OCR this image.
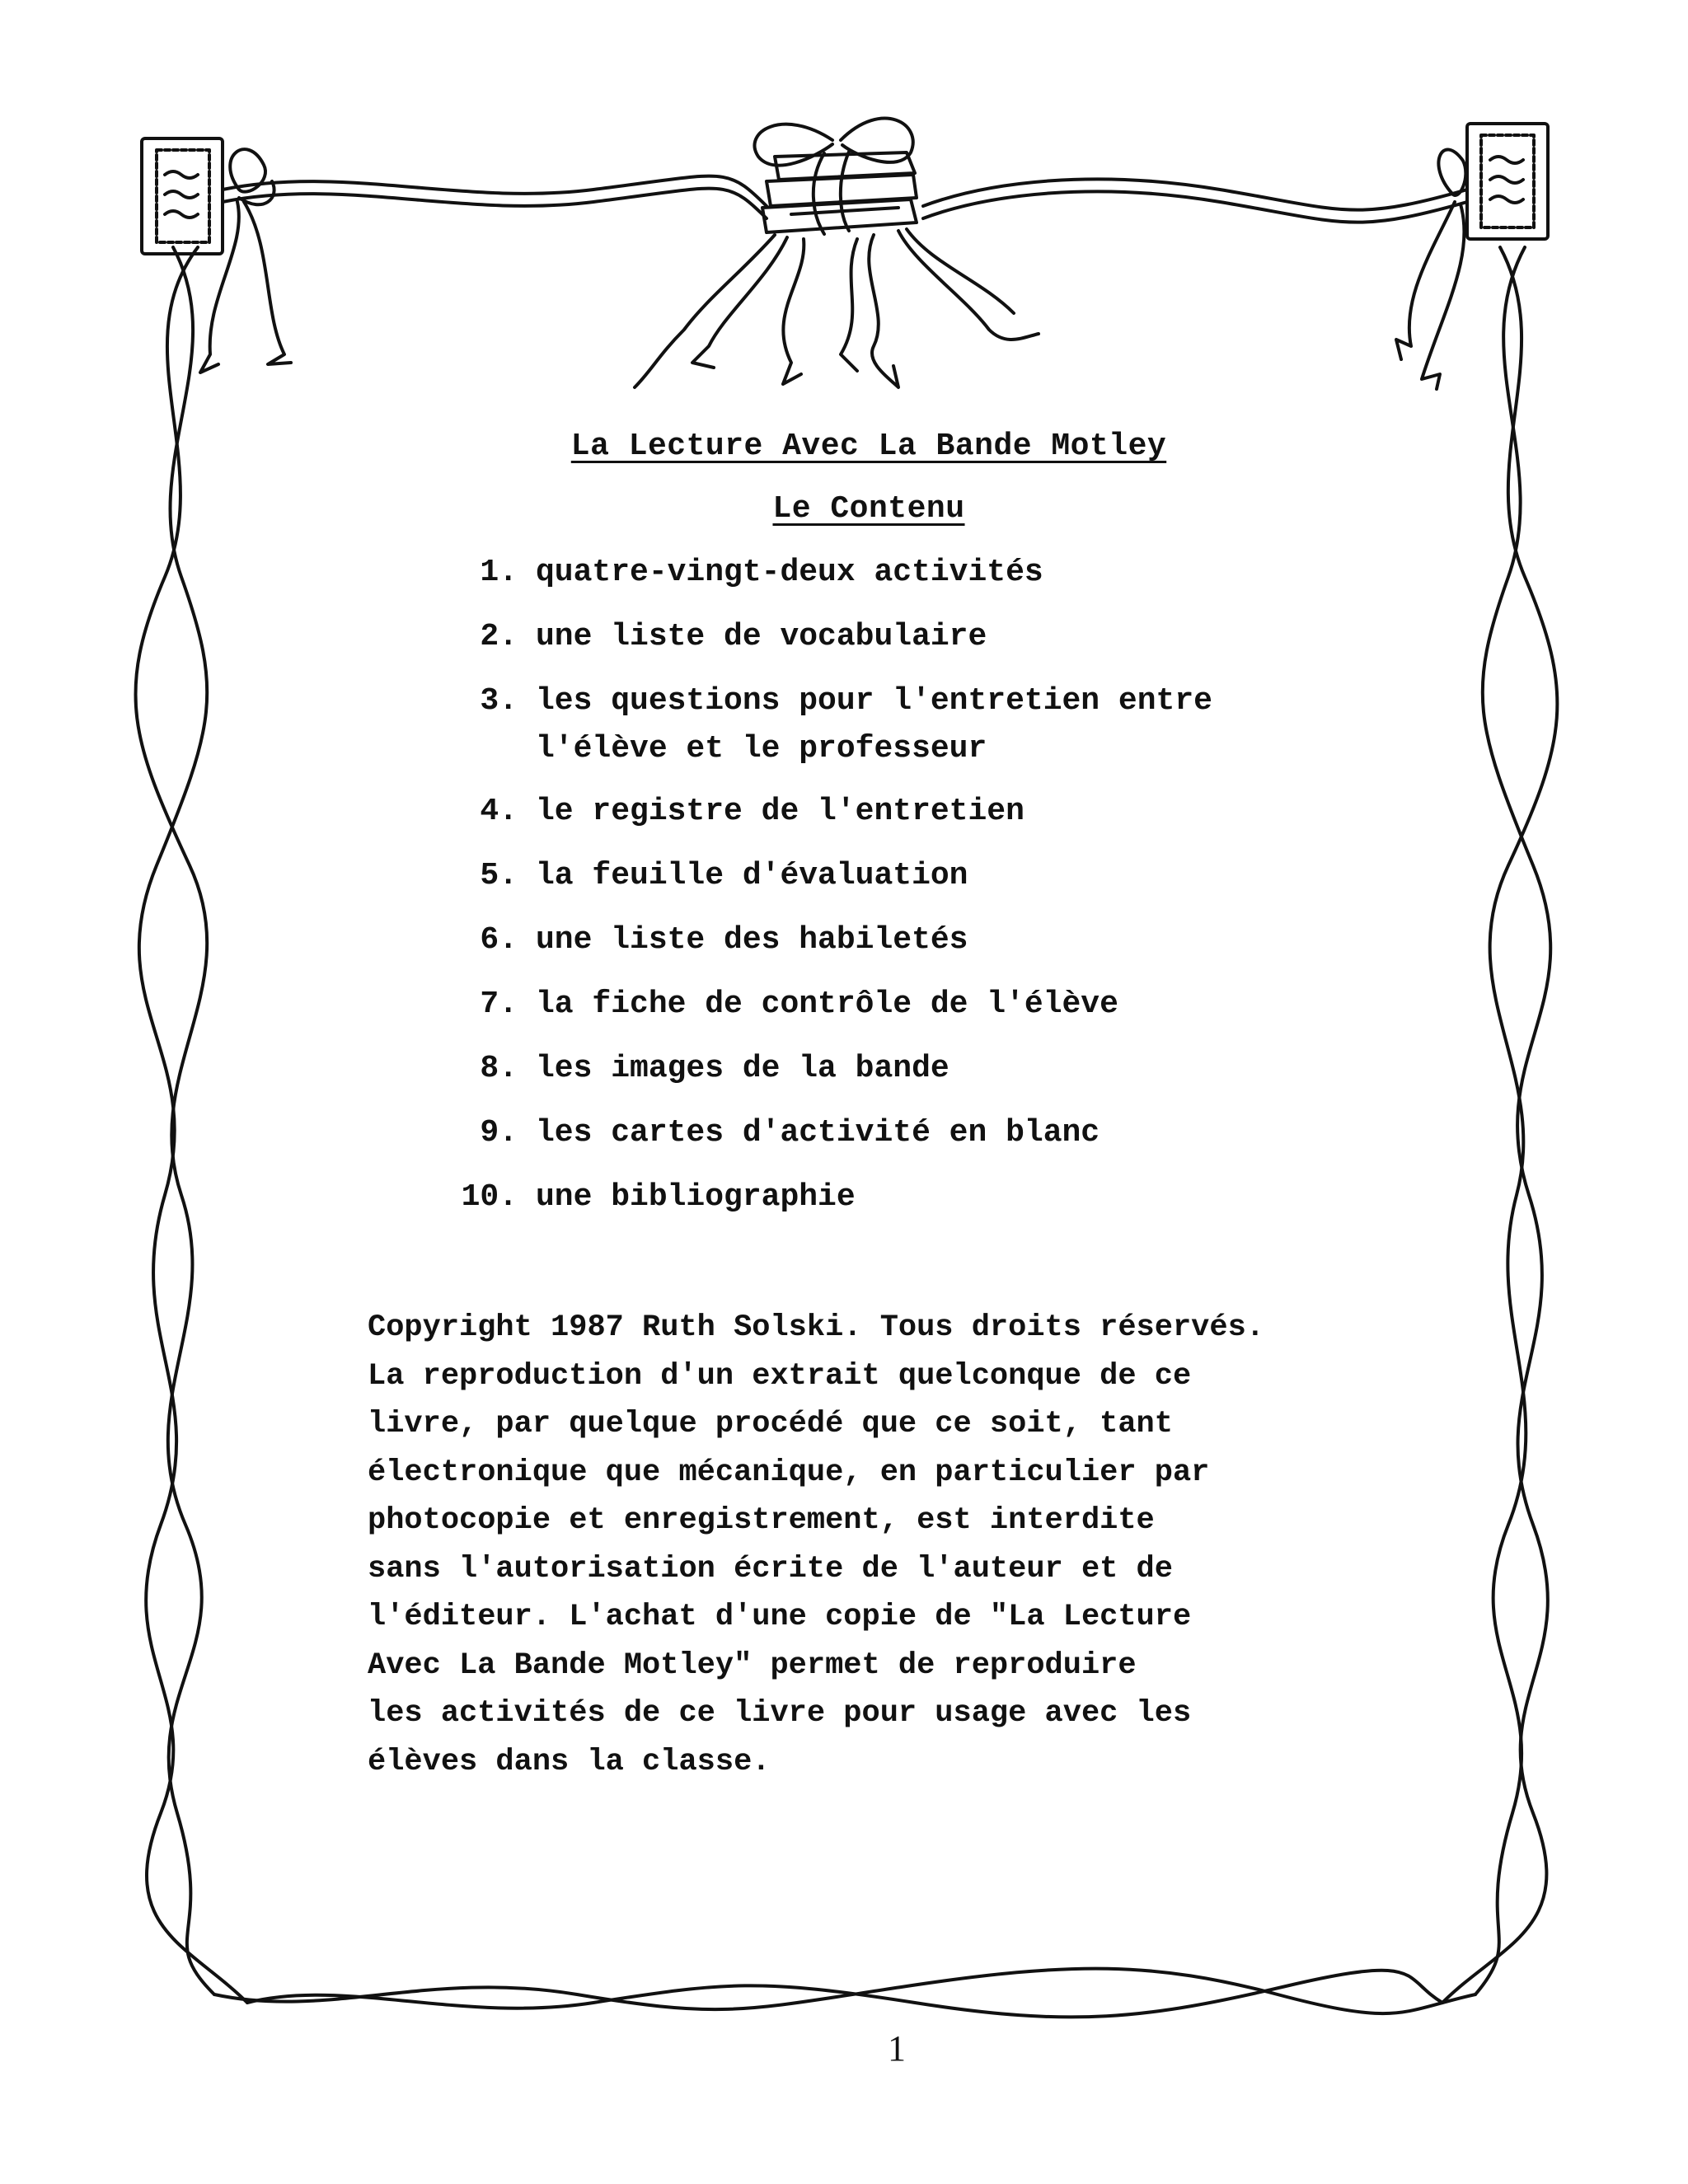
La Lecture Avec La Bande Motley
Le Contenu
1. quatre-vingt-deux activités
2. une liste de vocabulaire
3. les questions pour l'entretien entre
l'élève et le professeur
4. le registre de l'entretien
5. la feuille d'évaluation
6. une liste des habiletés
7. la fiche de contrôle de l'élève
8. les images de la bande
9. les cartes d'activité en blanc
10. une bibliographie
Copyright 1987 Ruth Solski. Tous droits réservés.
La reproduction d'un extrait quelconque de ce
livre, par quelque procédé que ce soit, tant
électronique que mécanique, en particulier par
photocopie et enregistrement, est interdite
sans l'autorisation écrite de l'auteur et de
l'éditeur. L'achat d'une copie de "La Lecture
Avec La Bande Motley" permet de reproduire
les activités de ce livre pour usage avec les
élèves dans la classe.
1
